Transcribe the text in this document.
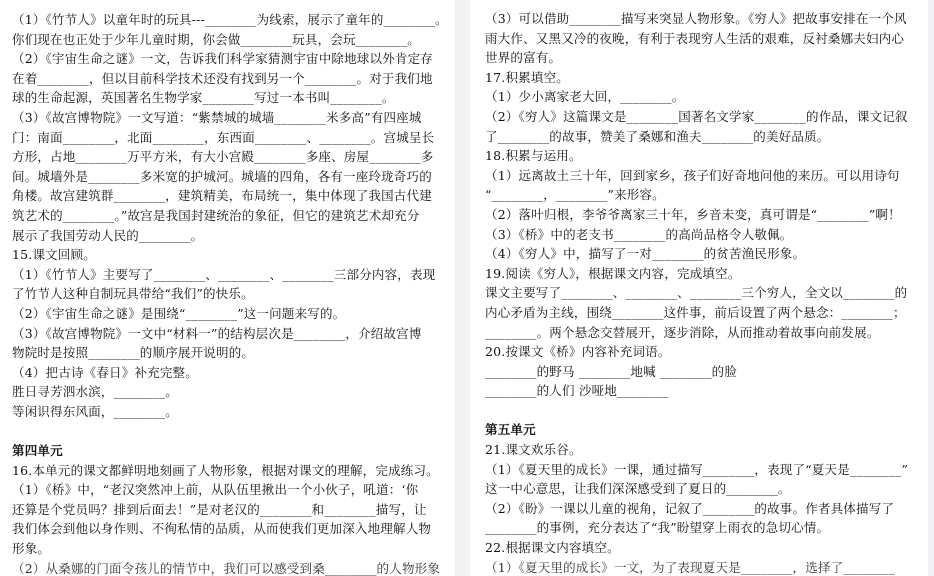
（1）《竹节人》以童年时的玩具---________为线索，展示了童年的________。
你们现在也正处于少年儿童时期，你会做________玩具，会玩________。
（2）《宇宙生命之谜》一文，告诉我们科学家猜测宇宙中除地球以外肯定存
在着________，但以目前科学技术还没有找到另一个________。对于我们地
球的生命起源，英国著名生物学家________写过一本书叫________。
（3）《故宫博物院》一文写道：“紫禁城的城墙________米多高”有四座城
门：南面________，北面________，东西面________、________。宫城呈长
方形，占地________万平方米，有大小宫殿________多座、房屋________多
间。城墙外是________多米宽的护城河。城墙的四角，各有一座玲珑奇巧的
角楼。故宫建筑群________，建筑精美，布局统一，集中体现了我国古代建
筑艺术的________。”故宫是我国封建统治的象征，但它的建筑艺术却充分
展示了我国劳动人民的________。
15.课文回顾。
（1）《竹节人》主要写了________、________、________三部分内容，表现
了竹节人这种自制玩具带给“我们”的快乐。
（2）《宇宙生命之谜》是围绕“________”这一问题来写的。
（3）《故宫博物院》一文中“材料一”的结构层次是________，介绍故宫博
物院时是按照________的顺序展开说明的。
（4）把古诗《春日》补充完整。
胜日寻芳泗水滨，________。
等闲识得东风面，________。
第四单元
16.本单元的课文都鲜明地刻画了人物形象，根据对课文的理解，完成练习。
（1）《桥》中，“老汉突然冲上前，从队伍里揪出一个小伙子，吼道：‘你
还算是个党员吗？排到后面去！”是对老汉的________和________描写，让
我们体会到他以身作则、不徇私情的品质，从而使我们更加深入地理解人物
形象。
（2）从桑娜的门面令孩儿的情节中，我们可以感受到桑________的人物形象
（3）可以借助________描写来突显人物形象。《穷人》把故事安排在一个风
雨大作、又黑又冷的夜晚，有利于表现穷人生活的艰难，反衬桑娜夫妇内心
世界的富有。
17.积累填空。
（1）少小离家老大回，________。
（2）《穷人》这篇课文是________国著名文学家________的作品，课文记叙
了________的故事，赞美了桑娜和渔夫________的美好品质。
18.积累与运用。
（1）远离故土三十年，回到家乡，孩子们好奇地问他的来历。可以用诗句
“________，________”来形容。
（2）落叶归根，李爷爷离家三十年，乡音未变，真可谓是“________”啊！
（3）《桥》中的老支书________的高尚品格令人敬佩。
（4）《穷人》中，描写了一对________的贫苦渔民形象。
19.阅读《穷人》，根据课文内容，完成填空。
课文主要写了________、________、________三个穷人，全文以________的
内心矛盾为主线，围绕________这件事，前后设置了两个悬念：________；
________。两个悬念交替展开，逐步消除，从而推动着故事向前发展。
20.按课文《桥》内容补充词语。
________的野马 ________地喊 ________的脸
________的人们 沙哑地________
第五单元
21.课文欢乐谷。
（1）《夏天里的成长》一课，通过描写________，表现了“夏天是________”
这一中心意思，让我们深深感受到了夏日的________。
（2）《盼》一课以儿童的视角，记叙了________的故事。作者具体描写了
________的事例，充分表达了“我”盼望穿上雨衣的急切心情。
22.根据课文内容填空。
（1）《夏天里的成长》一文，为了表现夏天是________，选择了________
